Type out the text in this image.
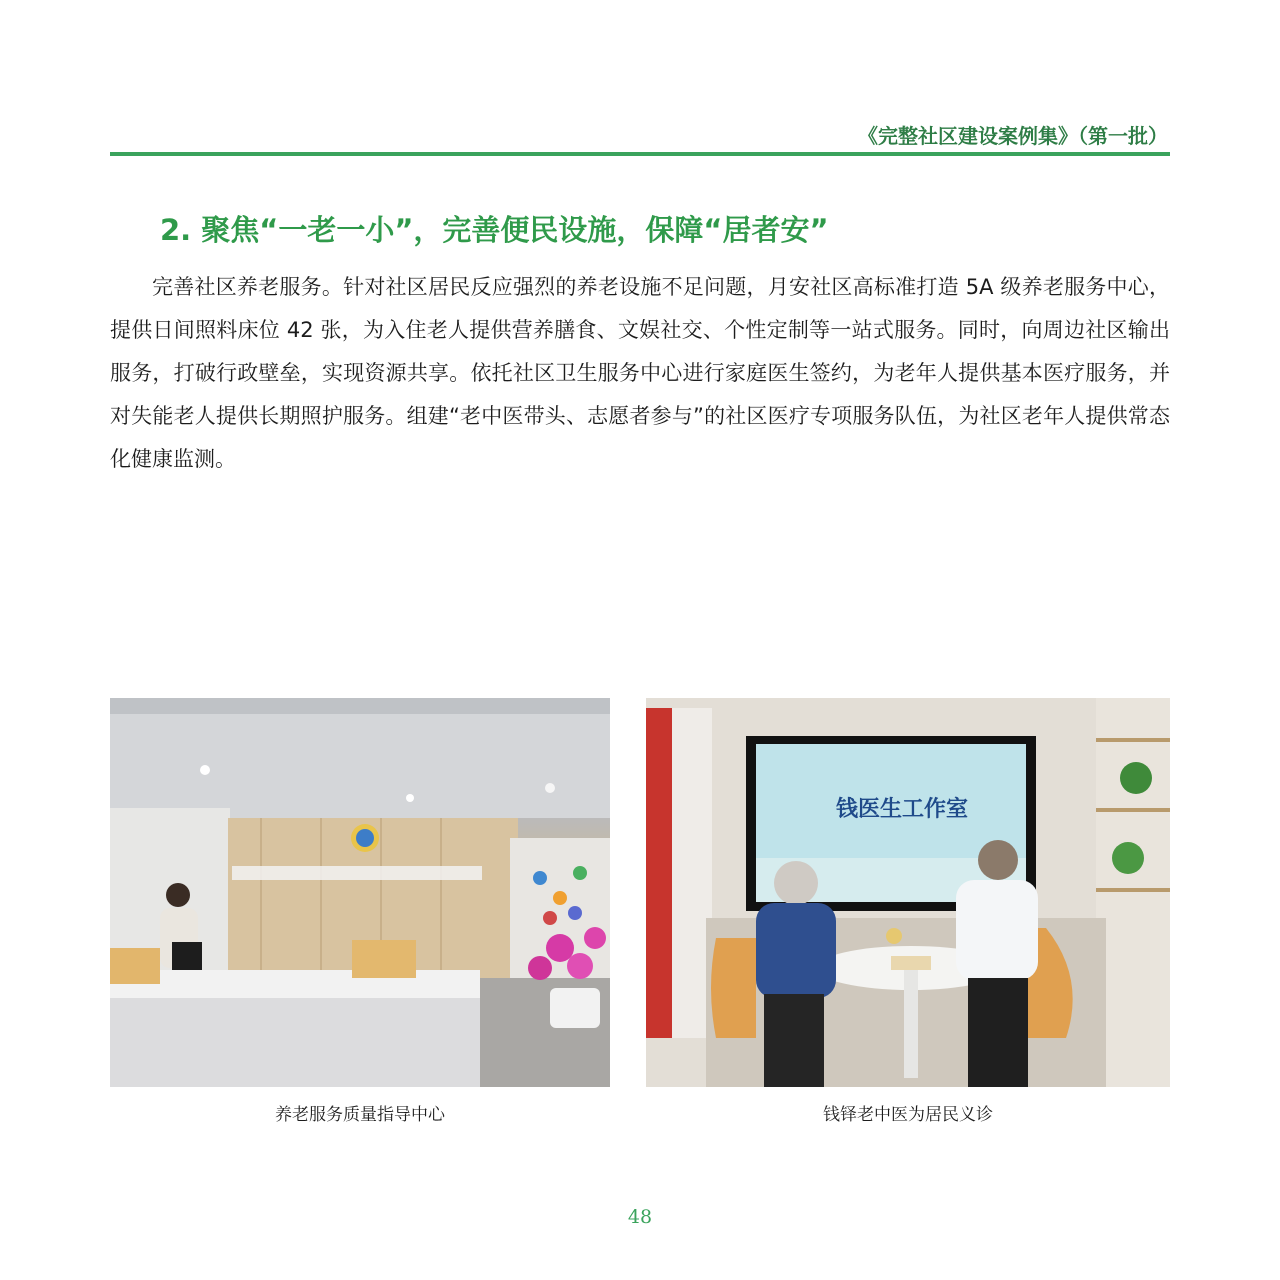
《完整社区建设案例集》（第一批）
2. 聚焦“一老一小”，完善便民设施，保障“居者安”

完善社区养老服务。针对社区居民反应强烈的养老设施不足问题，月安社区高标准打造 5A 级养老服务中心，提供日间照料床位 42 张，为入住老人提供营养膳食、文娱社交、个性定制等一站式服务。同时，向周边社区输出服务，打破行政壁垒，实现资源共享。依托社区卫生服务中心进行家庭医生签约，为老年人提供基本医疗服务，并对失能老人提供长期照护服务。组建“老中医带头、志愿者参与”的社区医疗专项服务队伍，为社区老年人提供常态化健康监测。

养老服务质量指导中心
钱医生工作室
钱铎老中医为居民义诊
48
